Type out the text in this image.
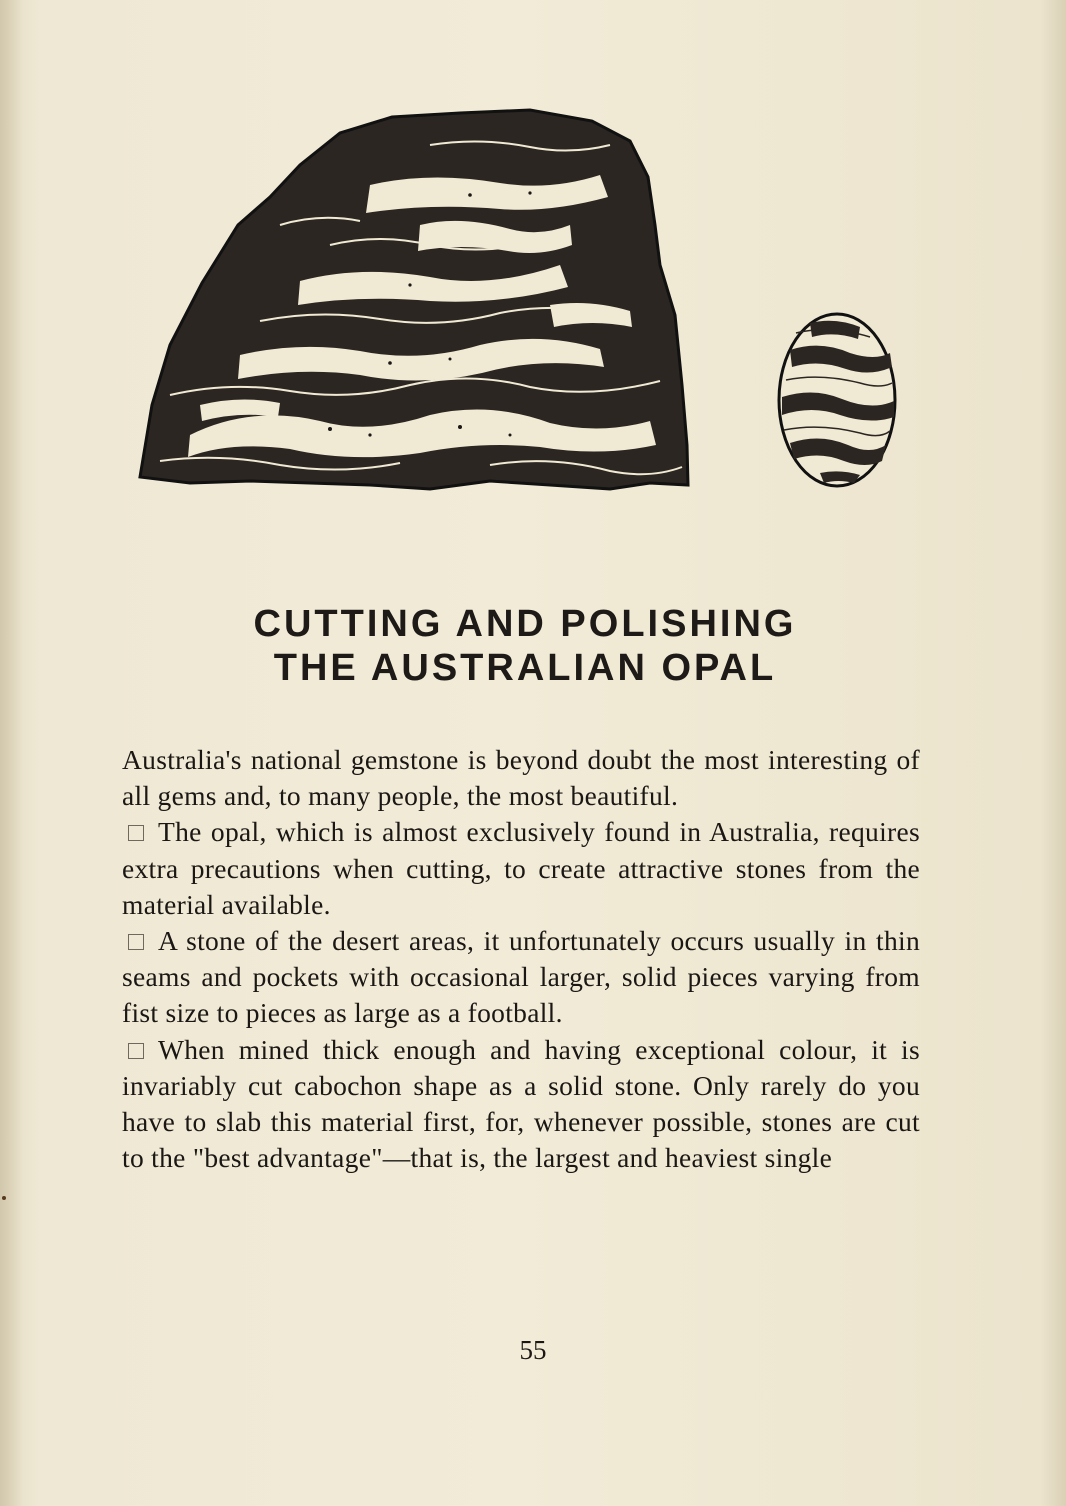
CUTTING AND POLISHING
THE AUSTRALIAN OPAL

Australia's national gemstone is beyond doubt the most interesting of all gems and, to many people, the most beautiful.

The opal, which is almost exclusively found in Australia, requires extra precautions when cutting, to create attractive stones from the material available.

A stone of the desert areas, it unfortunately occurs usually in thin seams and pockets with occasional larger, solid pieces varying from fist size to pieces as large as a football.

When mined thick enough and having exceptional colour, it is invariably cut cabochon shape as a solid stone. Only rarely do you have to slab this material first, for, whenever possible, stones are cut to the "best advantage"—that is, the largest and heaviest single

55
